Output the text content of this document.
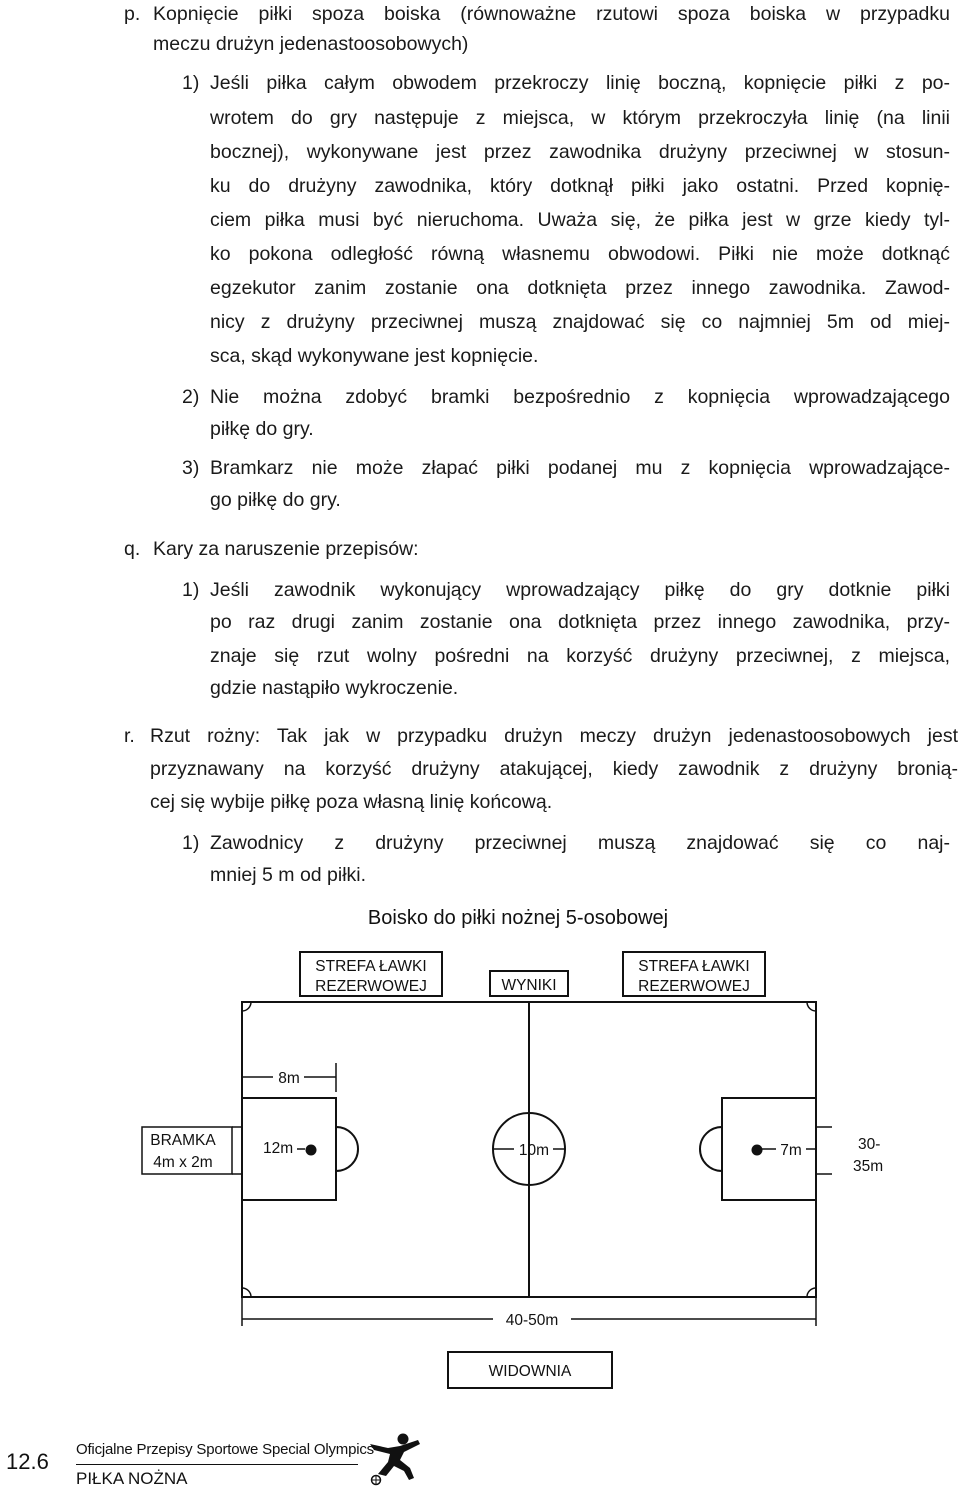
p. Kopnięcie piłki spoza boiska (równoważne rzutowi spoza boiska w przypadku
meczu drużyn jedenastoosobowych)
1) Jeśli piłka całym obwodem przekroczy linię boczną, kopnięcie piłki z po-
wrotem do gry następuje z miejsca, w którym przekroczyła linię (na linii
bocznej), wykonywane jest przez zawodnika drużyny przeciwnej w stosun-
ku do drużyny zawodnika, który dotknął piłki jako ostatni. Przed kopnię-
ciem piłka musi być nieruchoma. Uważa się, że piłka jest w grze kiedy tyl-
ko pokona odległość równą własnemu obwodowi. Piłki nie może dotknąć
egzekutor zanim zostanie ona dotknięta przez innego zawodnika. Zawod-
nicy z drużyny przeciwnej muszą znajdować się co najmniej 5m od miej-
sca, skąd wykonywane jest kopnięcie.
2) Nie można zdobyć bramki bezpośrednio z kopnięcia wprowadzającego
piłkę do gry.
3) Bramkarz nie może złapać piłki podanej mu z kopnięcia wprowadzające-
go piłkę do gry.
q. Kary za naruszenie przepisów:
1) Jeśli zawodnik wykonujący wprowadzający piłkę do gry dotknie piłki
po raz drugi zanim zostanie ona dotknięta przez innego zawodnika, przy-
znaje się rzut wolny pośredni na korzyść drużyny przeciwnej, z miejsca,
gdzie nastąpiło wykroczenie.
r. Rzut rożny: Tak jak w przypadku drużyn meczy drużyn jedenastoosobowych jest
przyznawany na korzyść drużyny atakującej, kiedy zawodnik z drużyny bronią-
cej się wybije piłkę poza własną linię końcową.
1) Zawodnicy z drużyny przeciwnej muszą znajdować się co naj-
mniej 5 m od piłki.
Boisko do piłki nożnej 5-osobowej
STREFA ŁAWKI
REZERWOWEJ	WYNIKI
STREFA ŁAWKI
REZERWOWEJ
8m
BRAMKA
4m x 2m
12m	10m	7m	30-
35m
40-50m
WIDOWNIA
12.6 Oficjalne Przepisy Sportowe Special Olympics
PIŁKA NOŻNA
